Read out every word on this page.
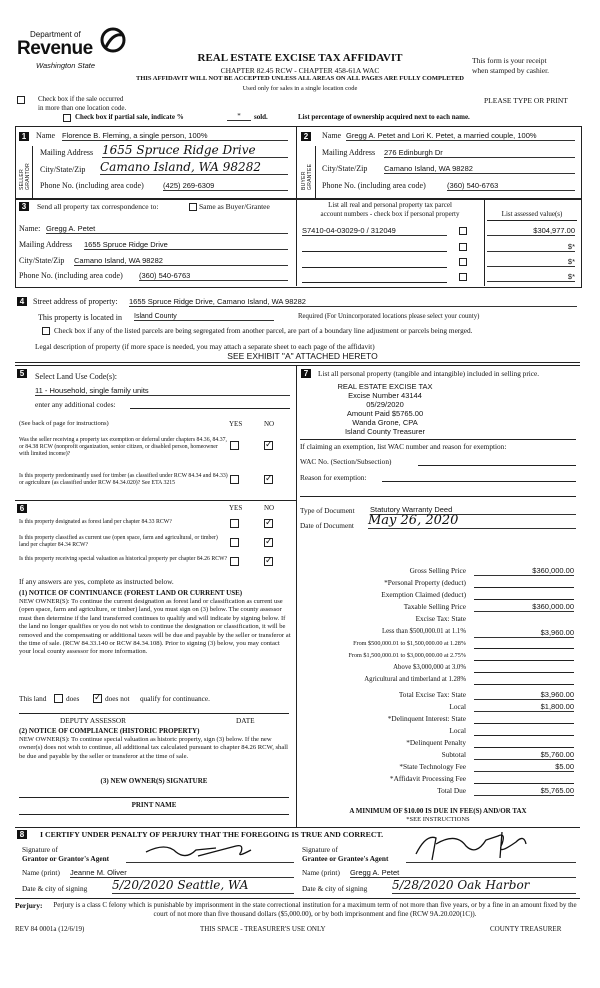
Department of
Revenue
Washington State
REAL ESTATE EXCISE TAX AFFIDAVIT
CHAPTER 82.45 RCW - CHAPTER 458-61A WAC
THIS AFFIDAVIT WILL NOT BE ACCEPTED UNLESS ALL AREAS ON ALL PAGES ARE FULLY COMPLETED
Used only for sales in a single location code
This form is your receipt
when stamped by cashier.
Check box if the sale occurred
in more than one location code.
PLEASE TYPE OR PRINT
Check box if partial sale, indicate %	*	sold.	List percentage of ownership acquired next to each name.
1
SELLER GRANTOR
Name Florence B. Fleming, a single person, 100%
Mailing Address 1655 Spruce Ridge Drive
City/State/Zip Camano Island, WA 98282
Phone No. (including area code)	(425) 269-6309
2
BUYER GRANTEE
Name Gregg A. Petet and Lori K. Petet, a married couple, 100%
Mailing Address 276 Edinburgh Dr
City/State/Zip Camano Island, WA 98282
Phone No. (including area code)	(360) 540-6763
3	Send all property tax correspondence to:	Same as Buyer/Grantee
Name: Gregg A. Petet
Mailing Address 1655 Spruce Ridge Drive
City/State/Zip Camano Island, WA 98282
Phone No. (including area code) (360) 540-6763
List all real and personal property tax parcel
account numbers - check box if personal property	List assessed value(s)
S7410-04-03029-0 / 312049	$304,977.00
$*
$*
$*
4	Street address of property: 1655 Spruce Ridge Drive, Camano Island, WA 98282
This property is located in Island County	Required (For Unincorporated locations please select your county)
Check box if any of the listed parcels are being segregated from another parcel, are part of a boundary line adjustment or parcels being merged.
Legal description of property (if more space is needed, you may attach a separate sheet to each page of the affidavit)
SEE EXHIBIT "A" ATTACHED HERETO
5	Select Land Use Code(s):
11 - Household, single family units
enter any additional codes:
(See back of page for instructions)	YES	NO
Was the seller receiving a property tax exemption or deferral under chapters 84.36, 84.37, or 84.38 RCW (nonprofit organization, senior citizen, or disabled person, homeowner with limited income)?
✓
Is this property predominantly used for timber (as classified under RCW 84.34 and 84.33) or agriculture (as classified under RCW 84.34.020)? See ETA 3215	✓
6	YES	NO
Is this property designated as forest land per chapter 84.33 RCW?	✓
Is this property classified as current use (open space, farm and agricultural, or timber) land per chapter 84.34 RCW?	✓
Is this property receiving special valuation as historical property per chapter 84.26 RCW?	✓
If any answers are yes, complete as instructed below.
(1) NOTICE OF CONTINUANCE (FOREST LAND OR CURRENT USE)
NEW OWNER(S): To continue the current designation as forest land or classification as current use (open space, farm and agriculture, or timber) land, you must sign on (3) below. The county assessor must then determine if the land transferred continues to qualify and will indicate by signing below. If the land no longer qualifies or you do not wish to continue the designation or classification, it will be removed and the compensating or additional taxes will be due and payable by the seller or transferor at the time of sale. (RCW 84.33.140 or RCW 84.34.108). Prior to signing (3) below, you may contact your local county assessor for more information.
This land	does ✓ does not qualify for continuance.
DEPUTY ASSESSOR	DATE
(2) NOTICE OF COMPLIANCE (HISTORIC PROPERTY)
NEW OWNER(S): To continue special valuation as historic property, sign (3) below. If the new owner(s) does not wish to continue, all additional tax calculated pursuant to chapter 84.26 RCW, shall be due and payable by the seller or transferor at the time of sale.
(3) NEW OWNER(S) SIGNATURE
PRINT NAME
7	List all personal property (tangible and intangible) included in selling price.
REAL ESTATE EXCISE TAX
Excise Number 43144
05/29/2020
Amount Paid $5765.00
Wanda Grone, CPA
Island County Treasurer
If claiming an exemption, list WAC number and reason for exemption:
WAC No. (Section/Subsection)
Reason for exemption:
Type of Document Statutory Warranty Deed
Date of Document May 26, 2020
Gross Selling Price	$360,000.00
*Personal Property (deduct)
Exemption Claimed (deduct)
Taxable Selling Price	$360,000.00
Excise Tax: State
Less than $500,000.01 at 1.1%	$3,960.00
From $500,000.01 to $1,500,000.00 at 1.28%
From $1,500,000.01 to $3,000,000.00 at 2.75%
Above $3,000,000 at 3.0%
Agricultural and timberland at 1.28%
Total Excise Tax: State	$3,960.00
Local	$1,800.00
*Delinquent Interest: State
Local
*Delinquent Penalty
Subtotal	$5,760.00
*State Technology Fee	$5.00
*Affidavit Processing Fee
Total Due	$5,765.00
A MINIMUM OF $10.00 IS DUE IN FEE(S) AND/OR TAX
*SEE INSTRUCTIONS
8	I CERTIFY UNDER PENALTY OF PERJURY THAT THE FOREGOING IS TRUE AND CORRECT.
Signature of
Grantor or Grantor's Agent
Name (print) Jeanne M. Oliver
Date & city of signing 5/20/2020 Seattle, WA
Signature of
Grantee or Grantee's Agent
Name (print) Gregg A. Petet
Date & city of signing 5/28/2020 Oak Harbor
Perjury:	Perjury is a class C felony which is punishable by imprisonment in the state correctional institution for a maximum term of not more than five years, or by a fine in an amount fixed by the court of not more than five thousand dollars ($5,000.00), or by both imprisonment and fine (RCW 9A.20.020(1C)).
REV 84 0001a (12/6/19)	THIS SPACE - TREASURER'S USE ONLY	COUNTY TREASURER
